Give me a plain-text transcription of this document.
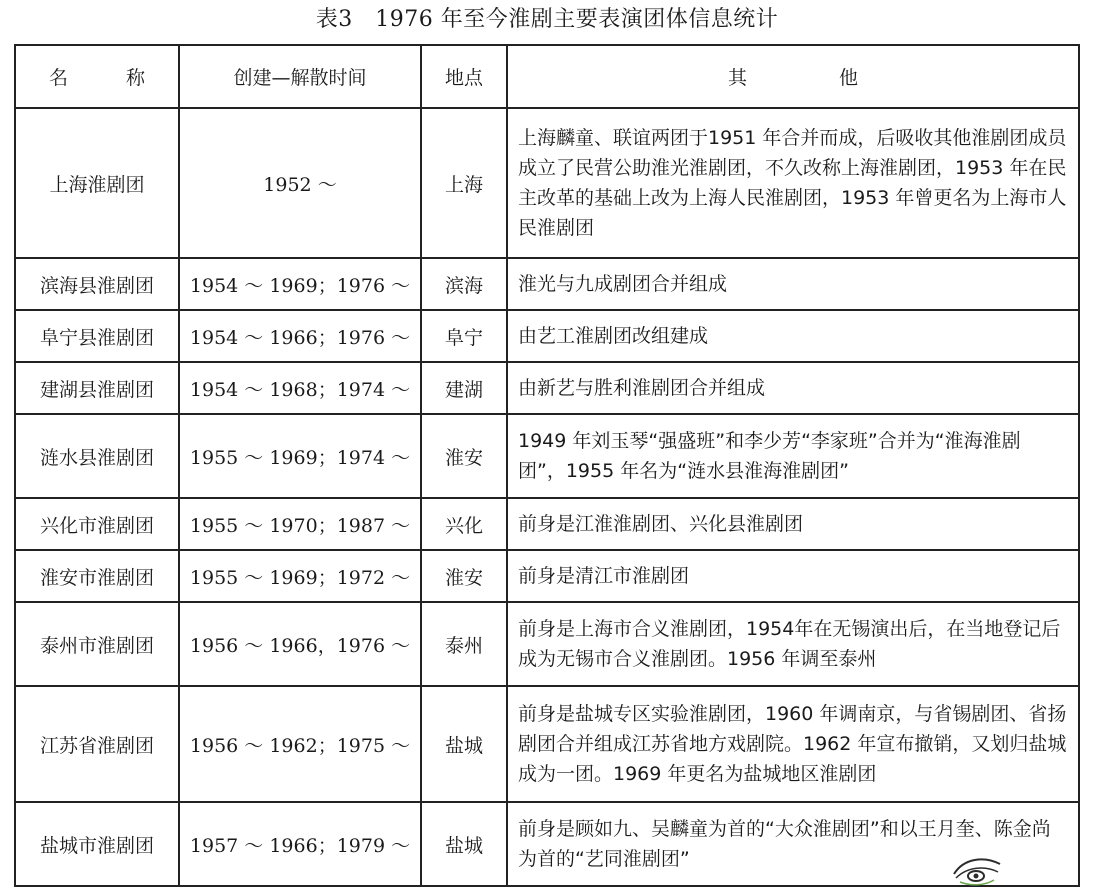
表3　1976 年至今淮剧主要表演团体信息统计
名 称	创建—解散时间	地点	其 他

上海淮剧团	1952 ～	上海	上海麟童、联谊两团于1951 年合并而成，后吸收其他淮剧团成员成立了民营公助淮光淮剧团，不久改称上海淮剧团，1953 年在民主改革的基础上改为上海人民淮剧团，1953 年曾更名为上海市人民淮剧团
滨海县淮剧团	1954 ～ 1969；1976 ～	滨海	淮光与九成剧团合并组成
阜宁县淮剧团	1954 ～ 1966；1976 ～	阜宁	由艺工淮剧团改组建成
建湖县淮剧团	1954 ～ 1968；1974 ～	建湖	由新艺与胜利淮剧团合并组成
涟水县淮剧团	1955 ～ 1969；1974 ～	淮安	1949 年刘玉琴“强盛班”和李少芳“李家班”合并为“淮海淮剧团”，1955 年名为“涟水县淮海淮剧团”
兴化市淮剧团	1955 ～ 1970；1987 ～	兴化	前身是江淮淮剧团、兴化县淮剧团
淮安市淮剧团	1955 ～ 1969；1972 ～	淮安	前身是清江市淮剧团
泰州市淮剧团	1956 ～ 1966，1976 ～	泰州	前身是上海市合义淮剧团，1954年在无锡演出后，在当地登记后成为无锡市合义淮剧团。1956 年调至泰州
江苏省淮剧团	1956 ～ 1962；1975 ～	盐城	前身是盐城专区实验淮剧团，1960 年调南京，与省锡剧团、省扬剧团合并组成江苏省地方戏剧院。1962 年宣布撤销，又划归盐城成为一团。1969 年更名为盐城地区淮剧团
盐城市淮剧团	1957 ～ 1966；1979 ～	盐城	前身是顾如九、吴麟童为首的“大众淮剧团”和以王月奎、陈金尚为首的“艺同淮剧团”
